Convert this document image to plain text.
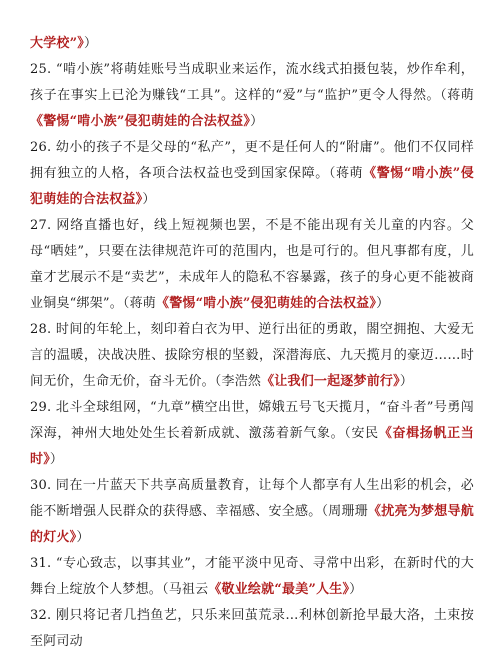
大学校”》）

25. “啃小族”将萌娃账号当成职业来运作，流水线式拍摄包装，炒作牟利，孩子在事实上已沦为赚钱“工具”。这样的“爱”与“监护”更令人得然。（蒋萌《警惕“啃小族”侵犯萌娃的合法权益》）

26. 幼小的孩子不是父母的“私产”，更不是任何人的“附庸”。他们不仅同样拥有独立的人格，各项合法权益也受到国家保障。（蒋萌《警惕“啃小族”侵犯萌娃的合法权益》）

27. 网络直播也好，线上短视频也罢，不是不能出现有关儿童的内容。父母“晒娃”，只要在法律规范许可的范围内，也是可行的。但凡事都有度，儿童才艺展示不是“卖艺”，未成年人的隐私不容暴露，孩子的身心更不能被商业铜臭“绑架”。（蒋萌《警惕“啃小族”侵犯萌娃的合法权益》）

28. 时间的年轮上，刻印着白衣为甲、逆行出征的勇敢，閤空拥抱、大爱无言的温暖，决战决胜、拔除穷根的坚毅，深潜海底、九天揽月的豪迈……时间无价，生命无价，奋斗无价。（李浩然《让我们一起逐梦前行》）

29. 北斗全球组网，“九章”横空出世，嫦娥五号飞天揽月，“奋斗者”号勇闯深海，神州大地处处生长着新成就、激荡着新气象。（安民《奋楫扬帆正当时》）

30. 同在一片蓝天下共享高质量教育，让每个人都享有人生出彩的机会，必能不断增强人民群众的获得感、幸福感、安全感。（周珊珊《扰亮为梦想导航的灯火》）

31. “专心致志，以事其业”，才能平淡中见奇、寻常中出彩，在新时代的大舞台上绽放个人梦想。（马祖云《敬业绘就“最美”人生》）

32. 刚只将记者几挡鱼艺，只乐来回茧荒录…利林创新抢早最大洛，土束按至阿司动
